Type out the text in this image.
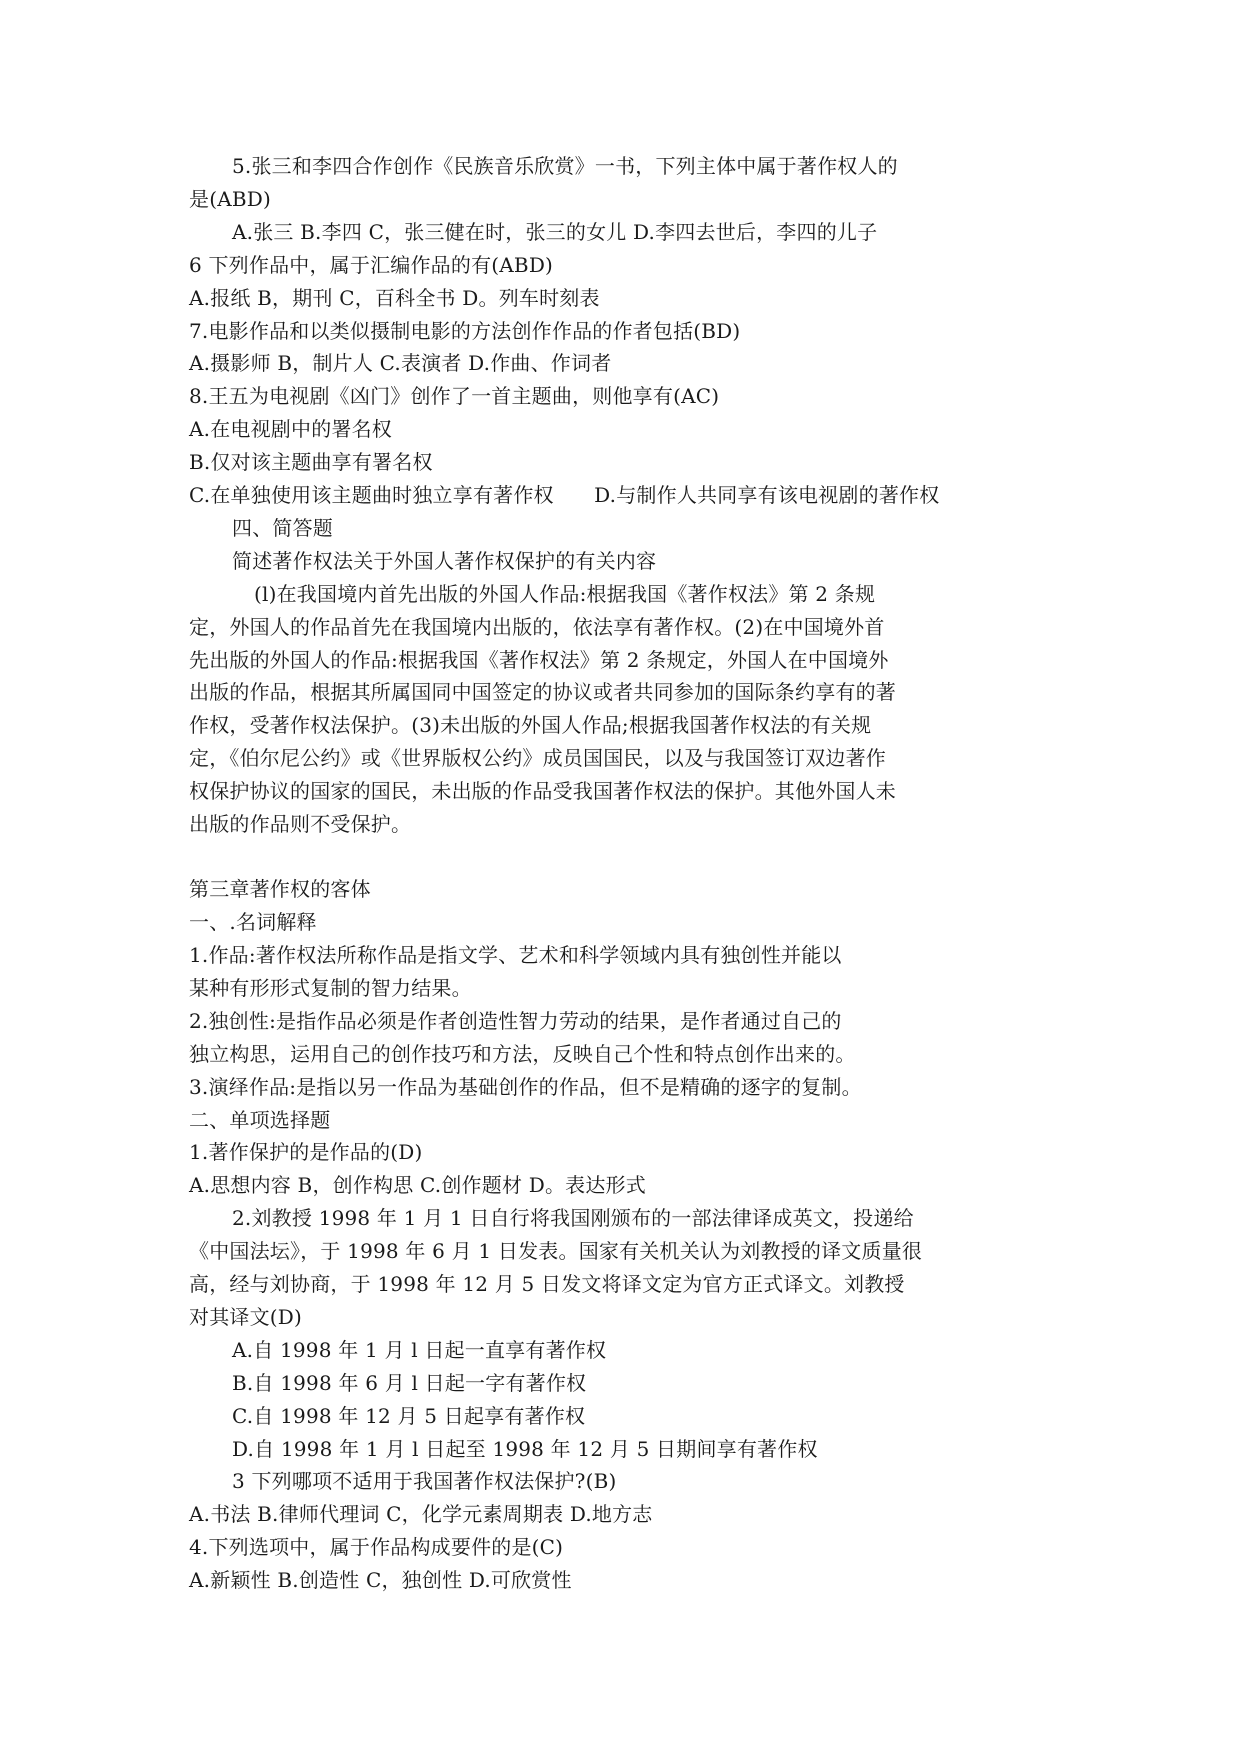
5.张三和李四合作创作《民族音乐欣赏》一书，下列主体中属于著作权人的
是(ABD)
A.张三 B.李四 C，张三健在时，张三的女儿 D.李四去世后，李四的儿子
6 下列作品中，属于汇编作品的有(ABD)
A.报纸 B，期刊 C，百科全书 D。列车时刻表
7.电影作品和以类似摄制电影的方法创作作品的作者包括(BD)
A.摄影师 B，制片人 C.表演者 D.作曲、作词者
8.王五为电视剧《凶门》创作了一首主题曲，则他享有(AC)
A.在电视剧中的署名权
B.仅对该主题曲享有署名权
C.在单独使用该主题曲时独立享有著作权　　D.与制作人共同享有该电视剧的著作权
四、简答题
简述著作权法关于外国人著作权保护的有关内容
(l)在我国境内首先出版的外国人作品:根据我国《著作权法》第 2 条规
定，外国人的作品首先在我国境内出版的，依法享有著作权。(2)在中国境外首
先出版的外国人的作品:根据我国《著作权法》第 2 条规定，外国人在中国境外
出版的作品，根据其所属国同中国签定的协议或者共同参加的国际条约享有的著
作权，受著作权法保护。(3)未出版的外国人作品;根据我国著作权法的有关规
定，《伯尔尼公约》或《世界版权公约》成员国国民，以及与我国签订双边著作
权保护协议的国家的国民，未出版的作品受我国著作权法的保护。其他外国人未
出版的作品则不受保护。
第三章著作权的客体
一、.名词解释
1.作品:著作权法所称作品是指文学、艺术和科学领域内具有独创性并能以
某种有形形式复制的智力结果。
2.独创性:是指作品必须是作者创造性智力劳动的结果，是作者通过自己的
独立构思，运用自己的创作技巧和方法，反映自己个性和特点创作出来的。
3.演绎作品:是指以另一作品为基础创作的作品，但不是精确的逐字的复制。
二、单项选择题
1.著作保护的是作品的(D)
A.思想内容 B，创作构思 C.创作题材 D。表达形式
2.刘教授 1998 年 1 月 1 日自行将我国刚颁布的一部法律译成英文，投递给
《中国法坛》，于 1998 年 6 月 1 日发表。国家有关机关认为刘教授的译文质量很
高，经与刘协商，于 1998 年 12 月 5 日发文将译文定为官方正式译文。刘教授
对其译文(D)
A.自 1998 年 1 月 l 日起一直享有著作权
B.自 1998 年 6 月 l 日起一字有著作权
C.自 1998 年 12 月 5 日起享有著作权
D.自 1998 年 1 月 l 日起至 1998 年 12 月 5 日期间享有著作权
3 下列哪项不适用于我国著作权法保护?(B)
A.书法 B.律师代理词 C，化学元素周期表 D.地方志
4.下列选项中，属于作品构成要件的是(C)
A.新颖性 B.创造性 C，独创性 D.可欣赏性
